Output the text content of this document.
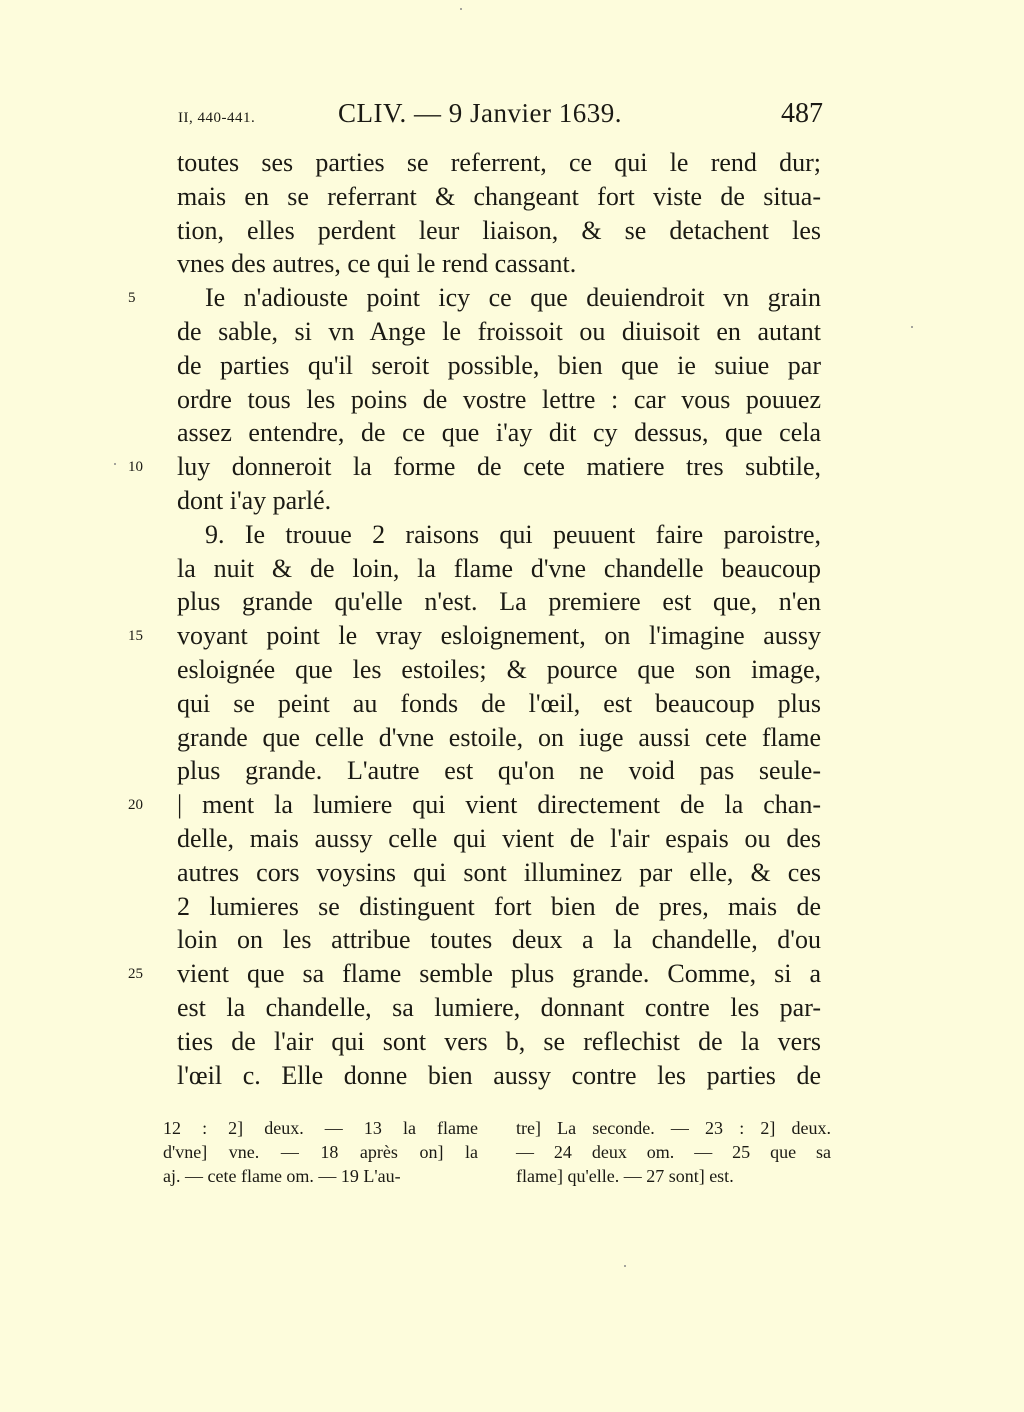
II, 440-441.	CLIV. — 9 Janvier 1639.	487
toutes ses parties se referrent, ce qui le rend dur;
mais en se referrant & changeant fort viste de situa-
tion, elles perdent leur liaison, & se detachent les
vnes des autres, ce qui le rend cassant.
Ie n'adiouste point icy ce que deuiendroit vn grain
de sable, si vn Ange le froissoit ou diuisoit en autant
de parties qu'il seroit possible, bien que ie suiue par
ordre tous les poins de vostre lettre : car vous pouuez
assez entendre, de ce que i'ay dit cy dessus, que cela
luy donneroit la forme de cete matiere tres subtile,
dont i'ay parlé.
9. Ie trouue 2 raisons qui peuuent faire paroistre,
la nuit & de loin, la flame d'vne chandelle beaucoup
plus grande qu'elle n'est. La premiere est que, n'en
voyant point le vray esloignement, on l'imagine aussy
esloignée que les estoiles; & pource que son image,
qui se peint au fonds de l'œil, est beaucoup plus
grande que celle d'vne estoile, on iuge aussi cete flame
plus grande. L'autre est qu'on ne void pas seule-
| ment la lumiere qui vient directement de la chan-
delle, mais aussy celle qui vient de l'air espais ou des
autres cors voysins qui sont illuminez par elle, & ces
2 lumieres se distinguent fort bien de pres, mais de
loin on les attribue toutes deux a la chandelle, d'ou
vient que sa flame semble plus grande. Comme, si a
est la chandelle, sa lumiere, donnant contre les par-
ties de l'air qui sont vers b, se reflechist de la vers
l'œil c. Elle donne bien aussy contre les parties de
5
10
15
20
25
12 : 2] deux. — 13 la flame
d'vne] vne. — 18 après on] la
aj. — cete flame om. — 19 L'au-
tre] La seconde. — 23 : 2] deux.
— 24 deux om. — 25 que sa
flame] qu'elle. — 27 sont] est.
